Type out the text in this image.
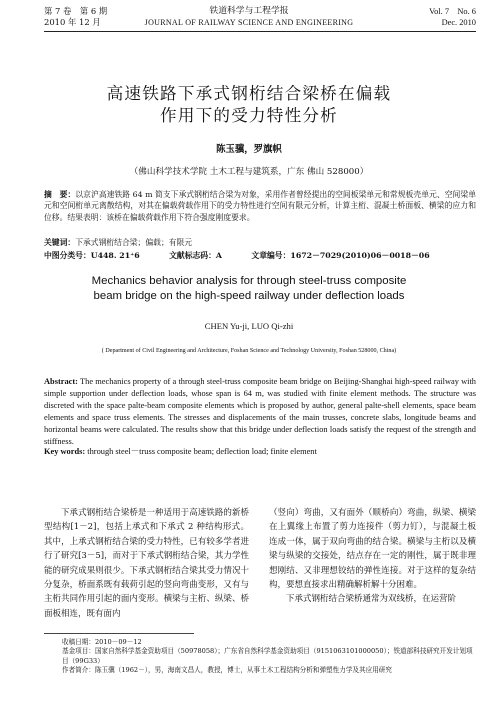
第 7 卷　第 6 期
2010 年 12 月
铁道科学与工程学报
JOURNAL OF RAILWAY SCIENCE AND ENGINEERING
Vol. 7　No. 6
Dec. 2010
高速铁路下承式钢桁结合梁桥在偏载
作用下的受力特性分析
陈玉骥，罗旗帜
（佛山科学技术学院 土木工程与建筑系，广东 佛山 528000）
摘　要：以京沪高速铁路 64 m 简支下承式钢桁结合梁为对象，采用作者曾经提出的空间板梁单元和常规板壳单元、空间梁单元和空间桁单元离散结构，对其在偏载荷载作用下的受力特性进行空间有限元分析，计算主桁、混凝土桥面板、横梁的应力和位移。结果表明：该桥在偏载荷载作用下符合强度刚度要求。
关键词：下承式钢桁结合梁；偏载；有限元
中图分类号：U448. 21⁺6	文献标志码：A	文章编号：1672－7029(2010)06－0018－06
Mechanics behavior analysis for through steel-truss composite
beam bridge on the high-speed railway under deflection loads
CHEN Yu-ji, LUO Qi-zhi
( Department of Civil Engineering and Architecture, Foshan Science and Technology University, Foshan 528000, China)
Abstract: The mechanics property of a through steel-truss composite beam bridge on Beijing-Shanghai high-speed railway with simple supportion under deflection loads, whose span is 64 m, was studied with finite element methods. The structure was discreted with the space palte-beam composite elements which is proposed by author, general palte-shell elements, space beam elements and space truss elements. The stresses and displacements of the main trusses, concrete slabs, longitude beams and horizontal beams were calculated. The results show that this bridge under deflection loads satisfy the request of the strength and stiffness.
Key words: through steel－truss composite beam; deflection load; finite element

下承式钢桁结合梁桥是一种适用于高速铁路的新桥型结构[1－2]，包括上承式和下承式 2 种结构形式。其中，上承式钢桁结合梁的受力特性，已有较多学者进行了研究[3－5]，而对于下承式钢桁结合梁，其力学性能的研究成果则很少。下承式钢桁结合梁其受力情况十分复杂，桥面系既有载荷引起的竖向弯曲变形，又有与主桁共同作用引起的面内变形。横梁与主桁、纵梁、桥面板相连，既有面内

（竖向）弯曲，又有面外（顺桥向）弯曲，纵梁、横梁在上翼缘上布置了剪力连接件（剪力钉），与混凝土板连成一体，属于双向弯曲的结合梁。横梁与主桁以及横梁与纵梁的交接处，结点存在一定的刚性，属于既非理想刚结、又非理想铰结的弹性连接。对于这样的复杂结构，要想直接求出精确解析解十分困难。

下承式钢桁结合梁桥通常为双线桥，在运营阶

收稿日期：2010－09－12
基金项目：国家自然科学基金资助项目（50978058）；广东省自然科学基金资助项目（9151063101000050）；铁道部科技研究开发计划项目（99G33）
作者简介：陈玉骥（1962－），男，海南文昌人，教授，博士，从事土木工程结构分析和弹塑性力学及其应用研究
